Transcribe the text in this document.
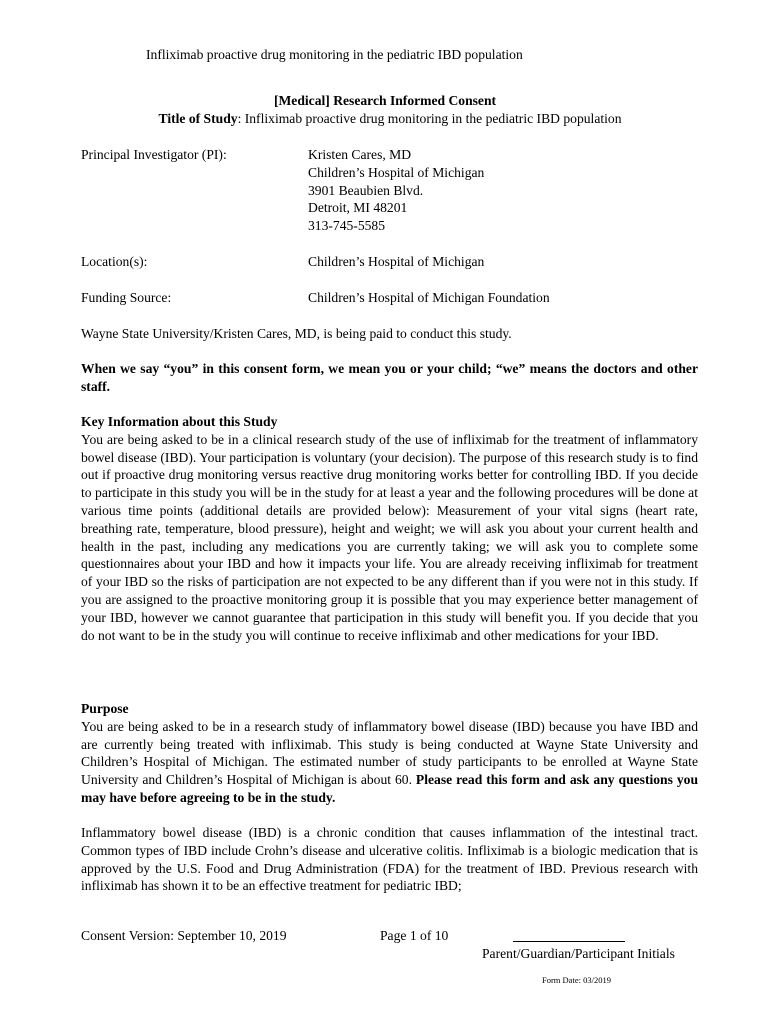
Infliximab proactive drug monitoring in the pediatric IBD population
[Medical] Research Informed Consent
Title of Study: Infliximab proactive drug monitoring in the pediatric IBD population
Principal Investigator (PI):	Kristen Cares, MD
Children’s Hospital of Michigan
3901 Beaubien Blvd.
Detroit, MI 48201
313-745-5585
Location(s):	Children’s Hospital of Michigan
Funding Source:	Children’s Hospital of Michigan Foundation
Wayne State University/Kristen Cares, MD, is being paid to conduct this study.
When we say “you” in this consent form, we mean you or your child; “we” means the doctors and other staff.
Key Information about this Study
You are being asked to be in a clinical research study of the use of infliximab for the treatment of inflammatory bowel disease (IBD). Your participation is voluntary (your decision). The purpose of this research study is to find out if proactive drug monitoring versus reactive drug monitoring works better for controlling IBD. If you decide to participate in this study you will be in the study for at least a year and the following procedures will be done at various time points (additional details are provided below): Measurement of your vital signs (heart rate, breathing rate, temperature, blood pressure), height and weight; we will ask you about your current health and health in the past, including any medications you are currently taking; we will ask you to complete some questionnaires about your IBD and how it impacts your life. You are already receiving infliximab for treatment of your IBD so the risks of participation are not expected to be any different than if you were not in this study. If you are assigned to the proactive monitoring group it is possible that you may experience better management of your IBD, however we cannot guarantee that participation in this study will benefit you. If you decide that you do not want to be in the study you will continue to receive infliximab and other medications for your IBD.
Purpose
You are being asked to be in a research study of inflammatory bowel disease (IBD) because you have IBD and are currently being treated with infliximab. This study is being conducted at Wayne State University and Children’s Hospital of Michigan. The estimated number of study participants to be enrolled at Wayne State University and Children’s Hospital of Michigan is about 60. Please read this form and ask any questions you may have before agreeing to be in the study.
Inflammatory bowel disease (IBD) is a chronic condition that causes inflammation of the intestinal tract. Common types of IBD include Crohn’s disease and ulcerative colitis. Infliximab is a biologic medication that is approved by the U.S. Food and Drug Administration (FDA) for the treatment of IBD. Previous research with infliximab has shown it to be an effective treatment for pediatric IBD;
Consent Version: September 10, 2019	Page 1 of 10
Parent/Guardian/Participant Initials
Form Date: 03/2019
